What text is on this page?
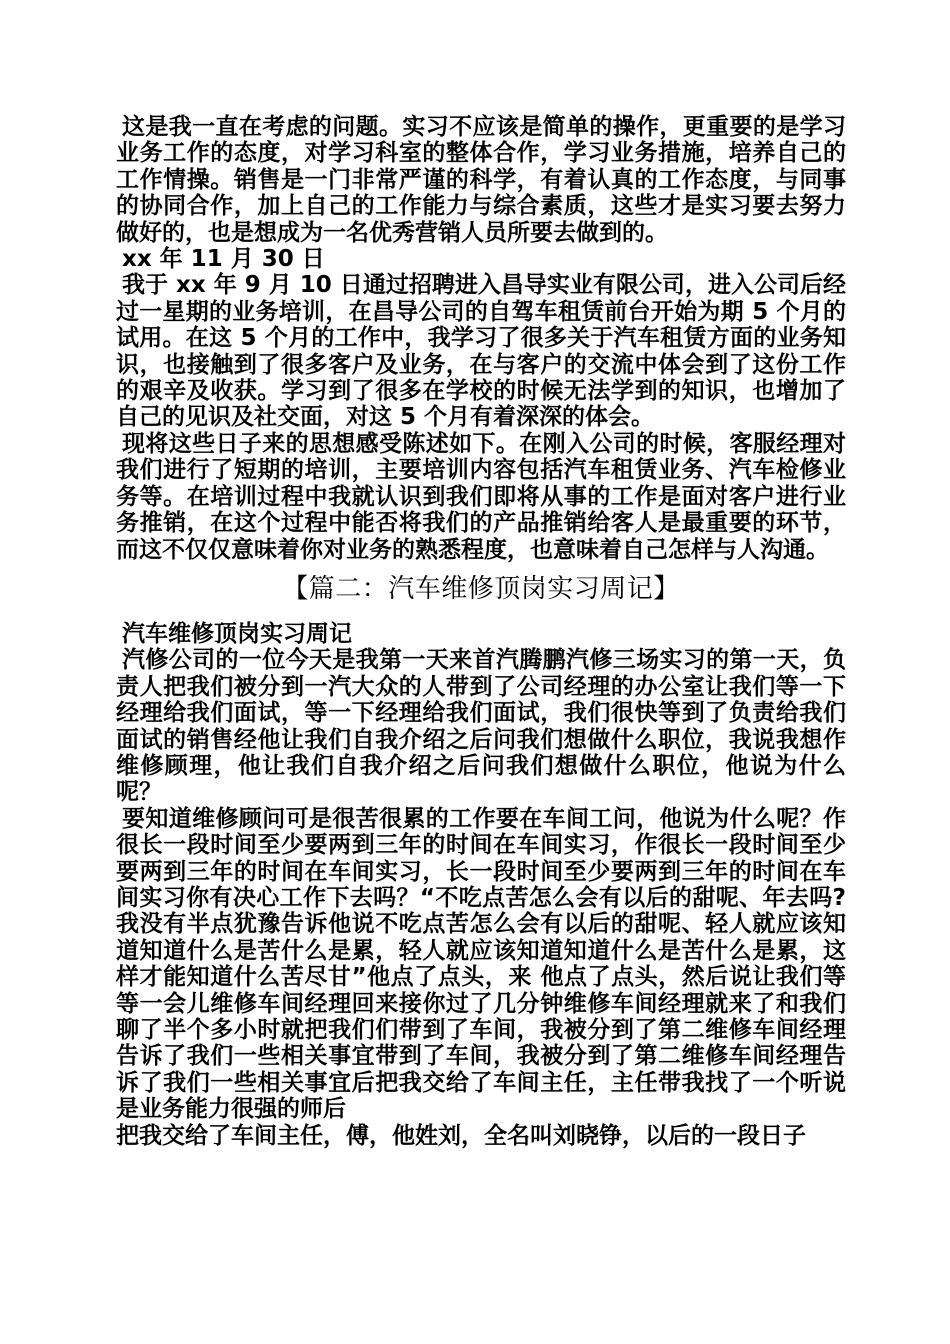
这是我一直在考虑的问题。实习不应该是简单的操作，更重要的是学习业务工作的态度，对学习科室的整体合作，学习业务措施，培养自己的工作情操。销售是一门非常严谨的科学，有着认真的工作态度，与同事的协同合作，加上自己的工作能力与综合素质，这些才是实习要去努力做好的，也是想成为一名优秀营销人员所要去做到的。

xx 年 11 月 30 日

我于 xx 年 9 月 10 日通过招聘进入昌导实业有限公司，进入公司后经过一星期的业务培训，在昌导公司的自驾车租赁前台开始为期 5 个月的试用。在这 5 个月的工作中，我学习了很多关于汽车租赁方面的业务知识，也接触到了很多客户及业务，在与客户的交流中体会到了这份工作的艰辛及收获。学习到了很多在学校的时候无法学到的知识，也增加了自己的见识及社交面，对这 5 个月有着深深的体会。

现将这些日子来的思想感受陈述如下。在刚入公司的时候，客服经理对我们进行了短期的培训，主要培训内容包括汽车租赁业务、汽车检修业务等。在培训过程中我就认识到我们即将从事的工作是面对客户进行业务推销，在这个过程中能否将我们的产品推销给客人是最重要的环节，而这不仅仅意味着你对业务的熟悉程度，也意味着自己怎样与人沟通。

【篇二：汽车维修顶岗实习周记】

汽车维修顶岗实习周记

汽修公司的一位今天是我第一天来首汽腾鹏汽修三场实习的第一天，负责人把我们被分到一汽大众的人带到了公司经理的办公室让我们等一下经理给我们面试，等一下经理给我们面试，我们很快等到了负责给我们面试的销售经他让我们自我介绍之后问我们想做什么职位，我说我想作维修顾理，他让我们自我介绍之后问我们想做什么职位，他说为什么呢？

要知道维修顾问可是很苦很累的工作要在车间工问，他说为什么呢？作很长一段时间至少要两到三年的时间在车间实习，作很长一段时间至少要两到三年的时间在车间实习，长一段时间至少要两到三年的时间在车间实习你有决心工作下去吗？“不吃点苦怎么会有以后的甜呢、年去吗?我没有半点犹豫告诉他说不吃点苦怎么会有以后的甜呢、轻人就应该知道知道什么是苦什么是累，轻人就应该知道知道什么是苦什么是累，这样才能知道什么苦尽甘”他点了点头，来 他点了点头，然后说让我们等等一会儿维修车间经理回来接你过了几分钟维修车间经理就来了和我们聊了半个多小时就把我们们带到了车间，我被分到了第二维修车间经理告诉了我们一些相关事宜带到了车间，我被分到了第二维修车间经理告诉了我们一些相关事宜后把我交给了车间主任，主任带我找了一个听说是业务能力很强的师后

把我交给了车间主任，傅，他姓刘，全名叫刘晓铮，以后的一段日子
